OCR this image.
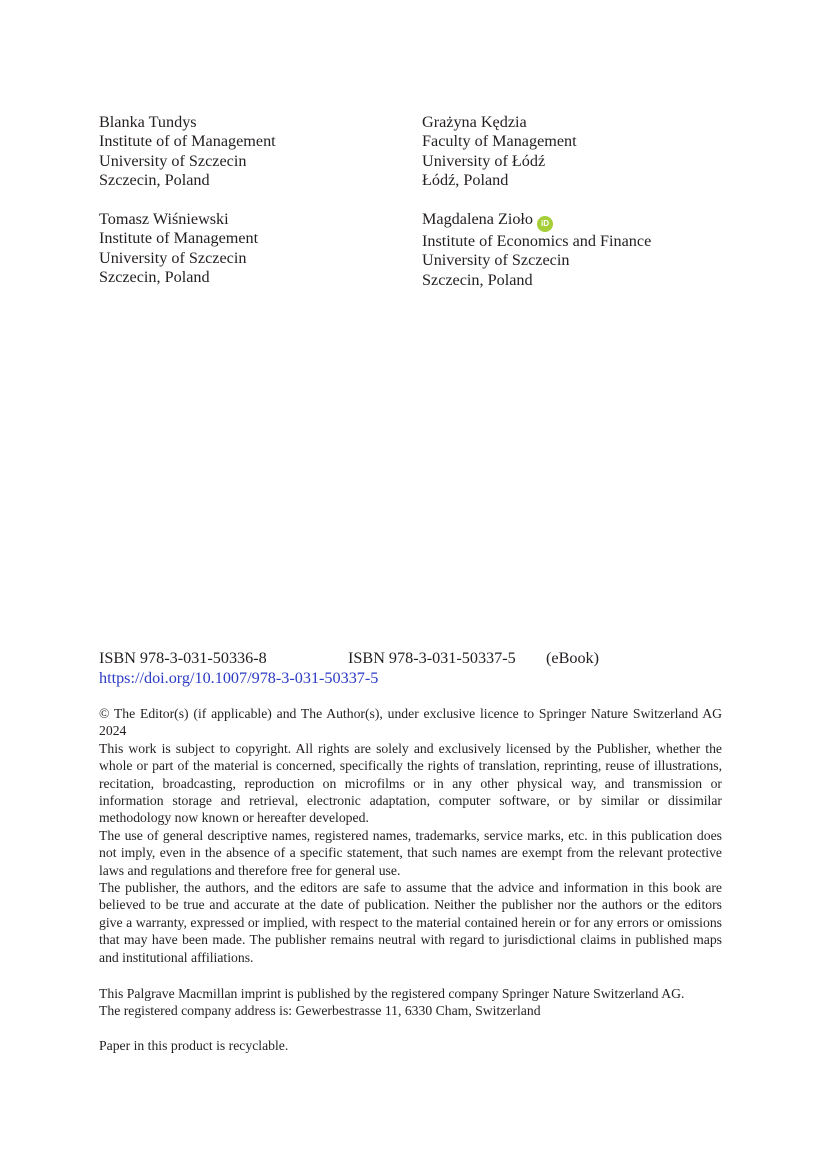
Blanka Tundys
Institute of of Management
University of Szczecin
Szczecin, Poland
Grażyna Kędzia
Faculty of Management
University of Łódź
Łódź, Poland
Tomasz Wiśniewski
Institute of Management
University of Szczecin
Szczecin, Poland
Magdalena Zioło iD
Institute of Economics and Finance
University of Szczecin
Szczecin, Poland
ISBN 978-3-031-50336-8	ISBN 978-3-031-50337-5 (eBook)
https://doi.org/10.1007/978-3-031-50337-5

© The Editor(s) (if applicable) and The Author(s), under exclusive licence to Springer Nature Switzerland AG 2024

This work is subject to copyright. All rights are solely and exclusively licensed by the Publisher, whether the whole or part of the material is concerned, specifically the rights of translation, reprinting, reuse of illustrations, recitation, broadcasting, reproduction on microfilms or in any other physical way, and transmission or information storage and retrieval, electronic adaptation, computer software, or by similar or dissimilar methodology now known or hereafter developed.

The use of general descriptive names, registered names, trademarks, service marks, etc. in this publication does not imply, even in the absence of a specific statement, that such names are exempt from the relevant protective laws and regulations and therefore free for general use.

The publisher, the authors, and the editors are safe to assume that the advice and information in this book are believed to be true and accurate at the date of publication. Neither the publisher nor the authors or the editors give a warranty, expressed or implied, with respect to the material contained herein or for any errors or omissions that may have been made. The publisher remains neutral with regard to jurisdictional claims in published maps and institutional affiliations.

This Palgrave Macmillan imprint is published by the registered company Springer Nature Switzerland AG.

The registered company address is: Gewerbestrasse 11, 6330 Cham, Switzerland

Paper in this product is recyclable.
